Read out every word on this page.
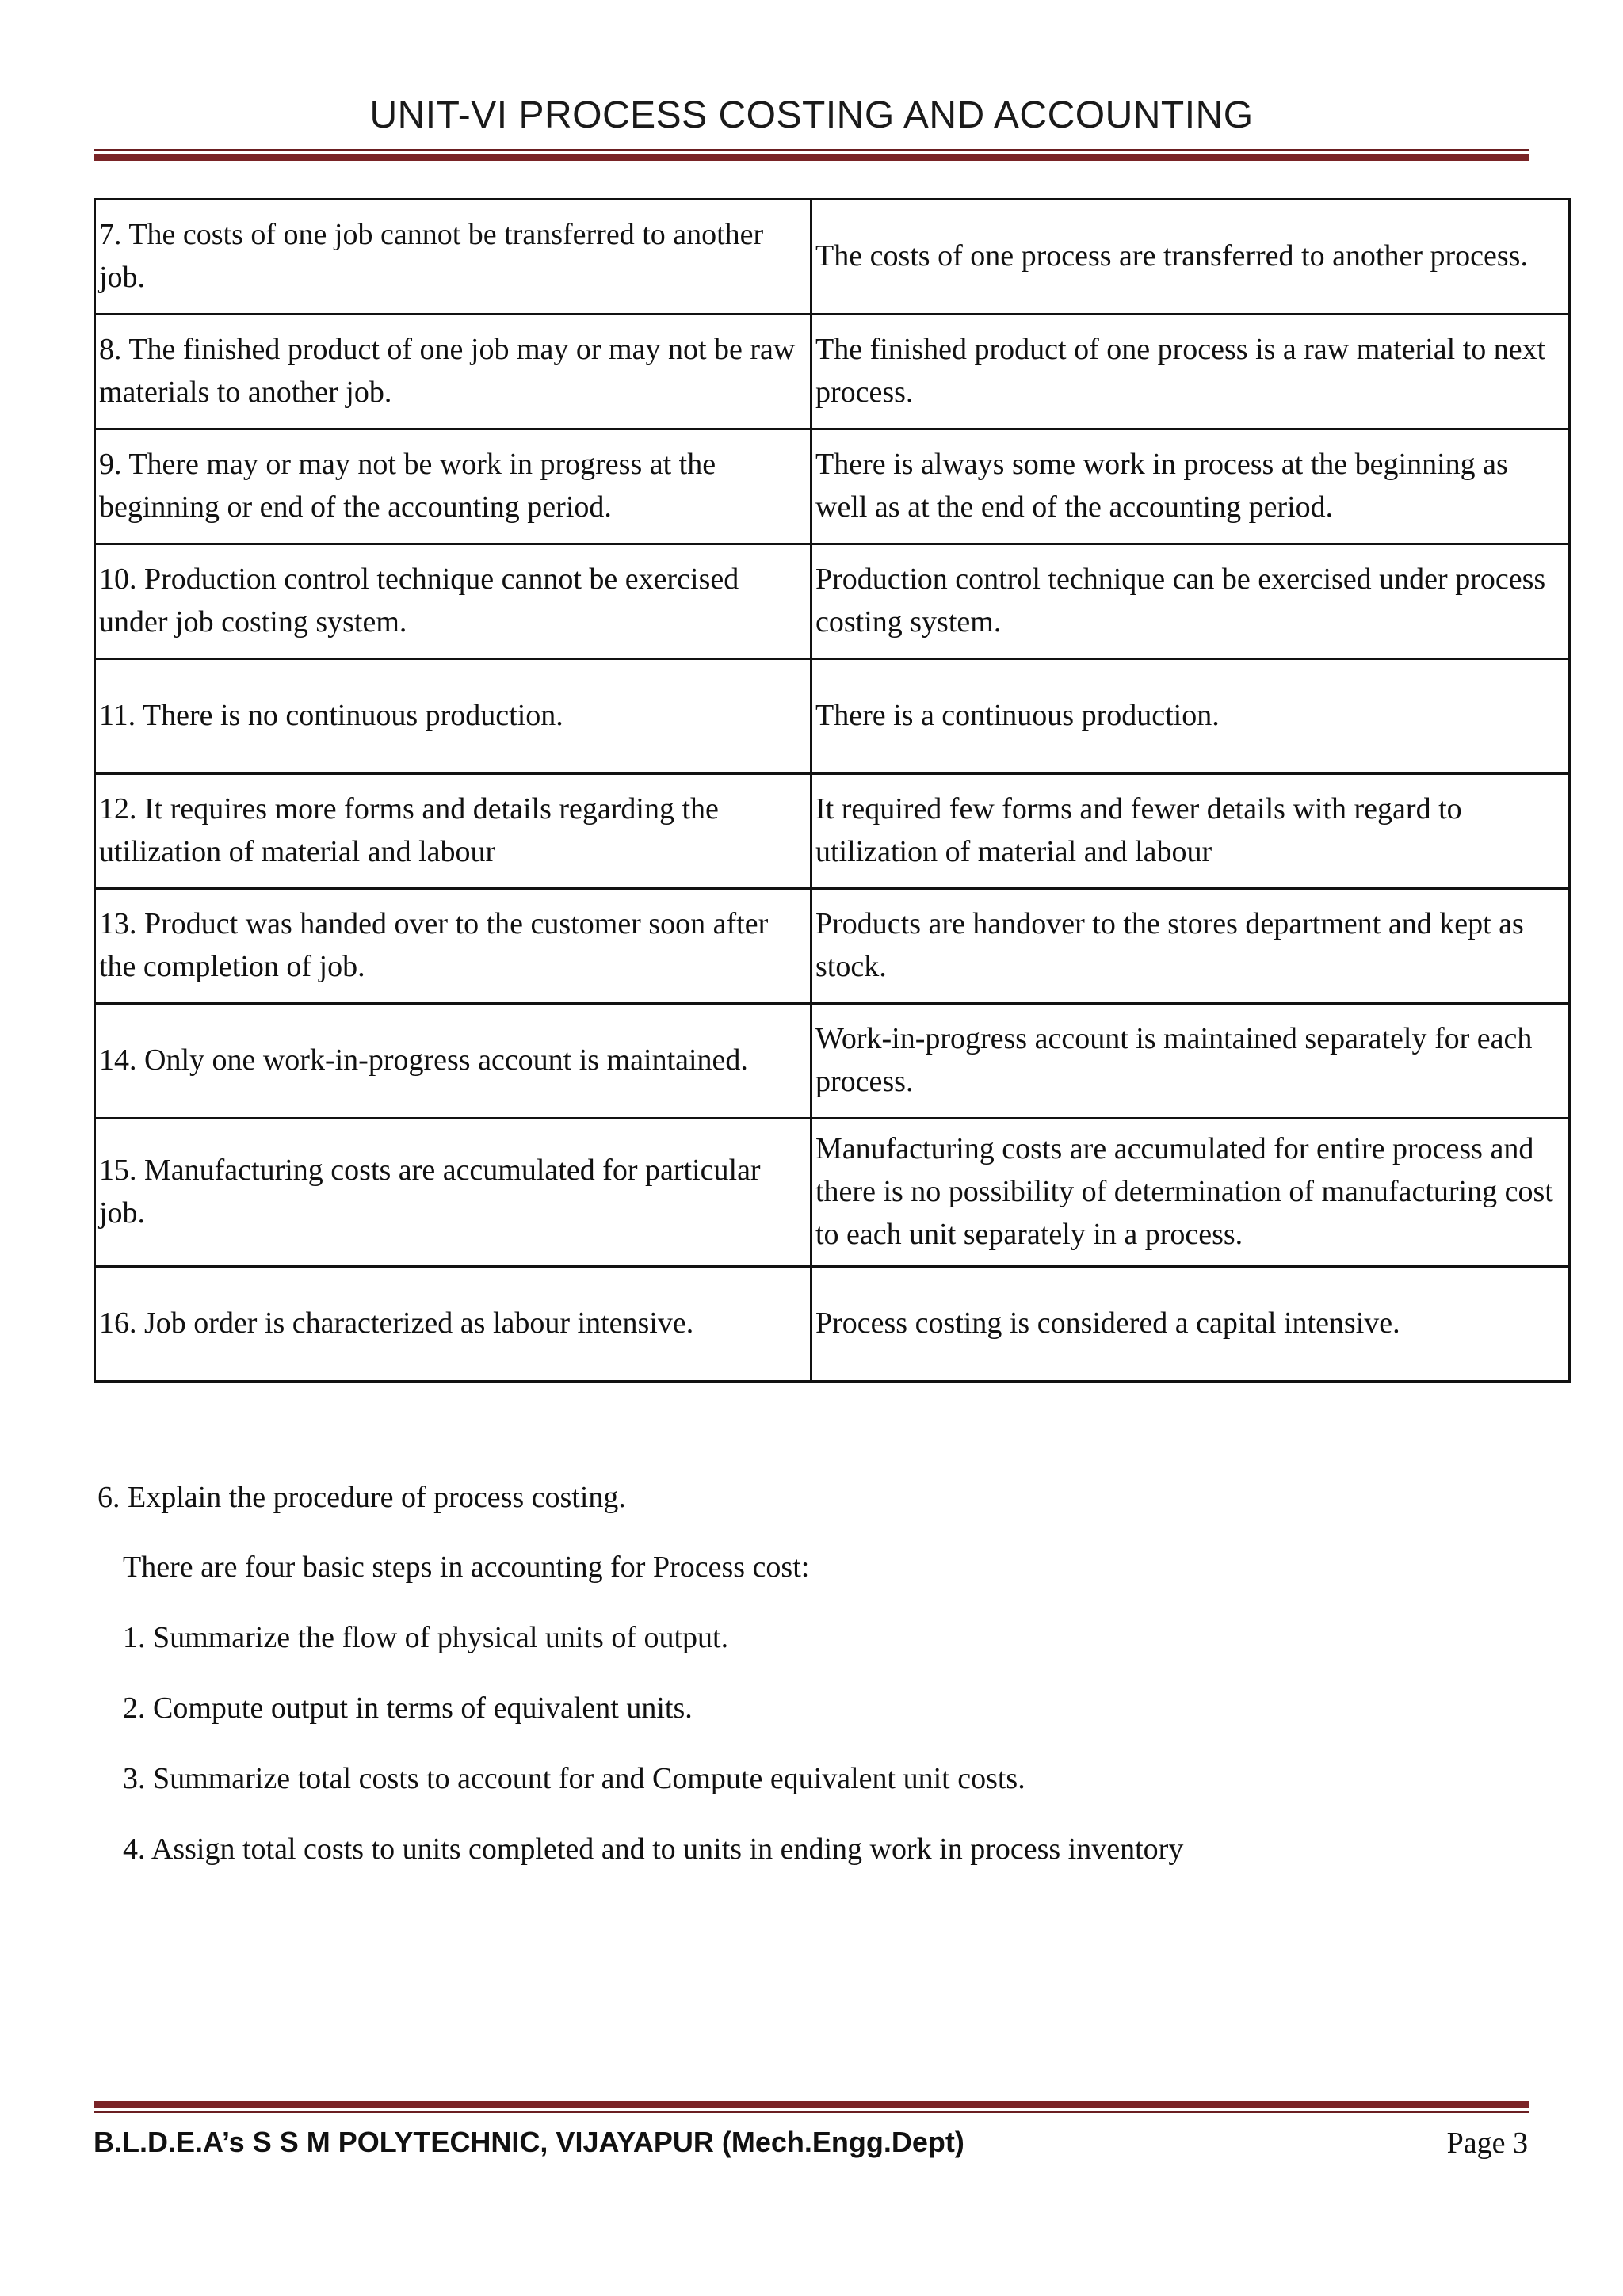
UNIT-VI PROCESS COSTING AND ACCOUNTING
7. The costs of one job cannot be transferred to another job.	The costs of one process are transferred to another process.
8. The finished product of one job may or may not be raw materials to another job.	The finished product of one process is a raw material to next process.
9. There may or may not be work in progress at the beginning or end of the accounting period.	There is always some work in process at the beginning as well as at the end of the accounting period.
10. Production control technique cannot be exercised under job costing system.	Production control technique can be exercised under process costing system.
11. There is no continuous production.	There is a continuous production.
12. It requires more forms and details regarding the utilization of material and labour	It required few forms and fewer details with regard to utilization of material and labour
13. Product was handed over to the customer soon after the completion of job.	Products are handover to the stores department and kept as stock.
14. Only one work-in-progress account is maintained.	Work-in-progress account is maintained separately for each process.
15. Manufacturing costs are accumulated for particular job.	Manufacturing costs are accumulated for entire process and there is no possibility of determination of manufacturing cost to each unit separately in a process.
16. Job order is characterized as labour intensive.	Process costing is considered a capital intensive.
6. Explain the procedure of process costing.
There are four basic steps in accounting for Process cost:
1. Summarize the flow of physical units of output.
2. Compute output in terms of equivalent units.
3. Summarize total costs to account for and Compute equivalent unit costs.
4. Assign total costs to units completed and to units in ending work in process inventory
B.L.D.E.A’s S S M POLYTECHNIC, VIJAYAPUR (Mech.Engg.Dept)	Page 3
